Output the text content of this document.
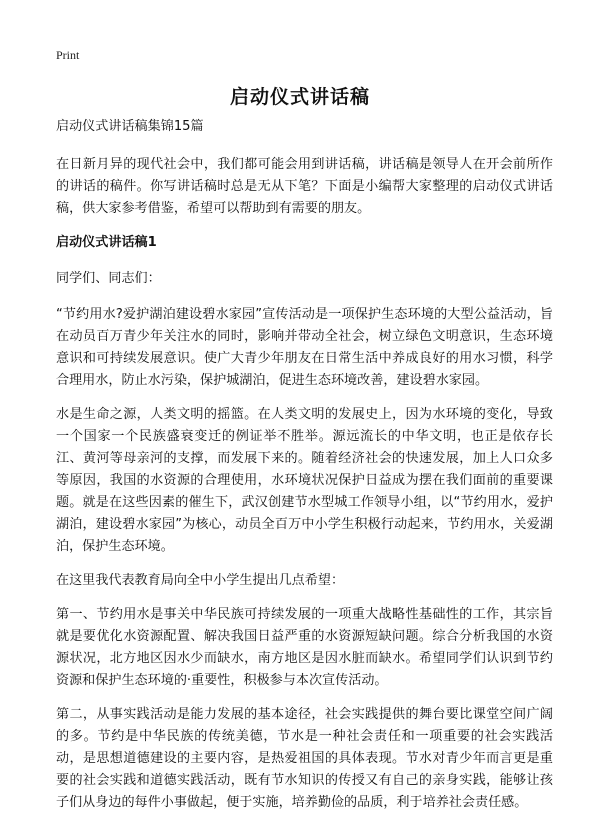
Print
启动仪式讲话稿

启动仪式讲话稿集锦15篇

在日新月异的现代社会中，我们都可能会用到讲话稿，讲话稿是领导人在开会前所作的讲话的稿件。你写讲话稿时总是无从下笔？下面是小编帮大家整理的启动仪式讲话稿，供大家参考借鉴，希望可以帮助到有需要的朋友。

启动仪式讲话稿1

同学们、同志们：

“节约用水?爱护湖泊建设碧水家园”宣传活动是一项保护生态环境的大型公益活动，旨在动员百万青少年关注水的同时，影响并带动全社会，树立绿色文明意识，生态环境意识和可持续发展意识。使广大青少年朋友在日常生活中养成良好的用水习惯，科学合理用水，防止水污染，保护城湖泊，促进生态环境改善，建设碧水家园。

水是生命之源，人类文明的摇篮。在人类文明的发展史上，因为水环境的变化，导致一个国家一个民族盛衰变迁的例证举不胜举。源远流长的中华文明，也正是依存长江、黄河等母亲河的支撑，而发展下来的。随着经济社会的快速发展，加上人口众多等原因，我国的水资源的合理使用，水环境状况保护日益成为摆在我们面前的重要课题。就是在这些因素的催生下，武汉创建节水型城工作领导小组，以“节约用水，爱护湖泊，建设碧水家园”为核心，动员全百万中小学生积极行动起来，节约用水，关爱湖泊，保护生态环境。

在这里我代表教育局向全中小学生提出几点希望：

第一、节约用水是事关中华民族可持续发展的一项重大战略性基础性的工作，其宗旨就是要优化水资源配置、解决我国日益严重的水资源短缺问题。综合分析我国的水资源状况，北方地区因水少而缺水，南方地区是因水脏而缺水。希望同学们认识到节约资源和保护生态环境的·重要性，积极参与本次宣传活动。

第二，从事实践活动是能力发展的基本途径，社会实践提供的舞台要比课堂空间广阔的多。节约是中华民族的传统美德，节水是一种社会责任和一项重要的社会实践活动，是思想道德建设的主要内容，是热爱祖国的具体表现。节水对青少年而言更是重要的社会实践和道德实践活动，既有节水知识的传授又有自己的亲身实践，能够让孩子们从身边的每件小事做起，便于实施，培养勤俭的品质，利于培养社会责任感。
